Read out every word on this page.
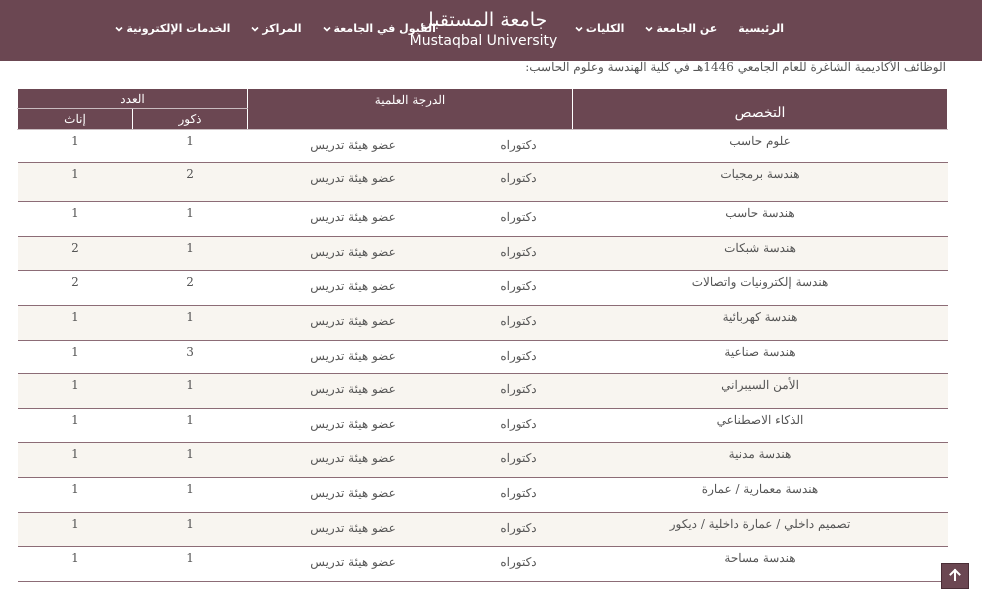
الرئيسية
عن الجامعة
الكليات
القبول في الجامعة
المراكز
الخدمات الإلكترونية	جامعة المستقبل
Mustaqbal University
الوظائف الأكاديمية الشاغرة للعام الجامعي 1446هـ في كلية الهندسة وعلوم الحاسب:
العدد		الدرجة العلمية	التخصص
إناث	ذكور		
1	1	عضو هيئة تدريس دكتوراه	علوم حاسب
1	2	عضو هيئة تدريس دكتوراه	هندسة برمجيات
1	1	عضو هيئة تدريس دكتوراه	هندسة حاسب
2	1	عضو هيئة تدريس دكتوراه	هندسة شبكات
2	2	عضو هيئة تدريس دكتوراه	هندسة إلكترونيات واتصالات
1	1	عضو هيئة تدريس دكتوراه	هندسة كهربائية
1	3	عضو هيئة تدريس دكتوراه	هندسة صناعية
1	1	عضو هيئة تدريس دكتوراه	الأمن السيبراني
1	1	عضو هيئة تدريس دكتوراه	الذكاء الاصطناعي
1	1	عضو هيئة تدريس دكتوراه	هندسة مدنية
1	1	عضو هيئة تدريس دكتوراه	هندسة معمارية / عمارة
1	1	عضو هيئة تدريس دكتوراه	تصميم داخلي / عمارة داخلية / ديكور
1	1	عضو هيئة تدريس دكتوراه	هندسة مساحة
